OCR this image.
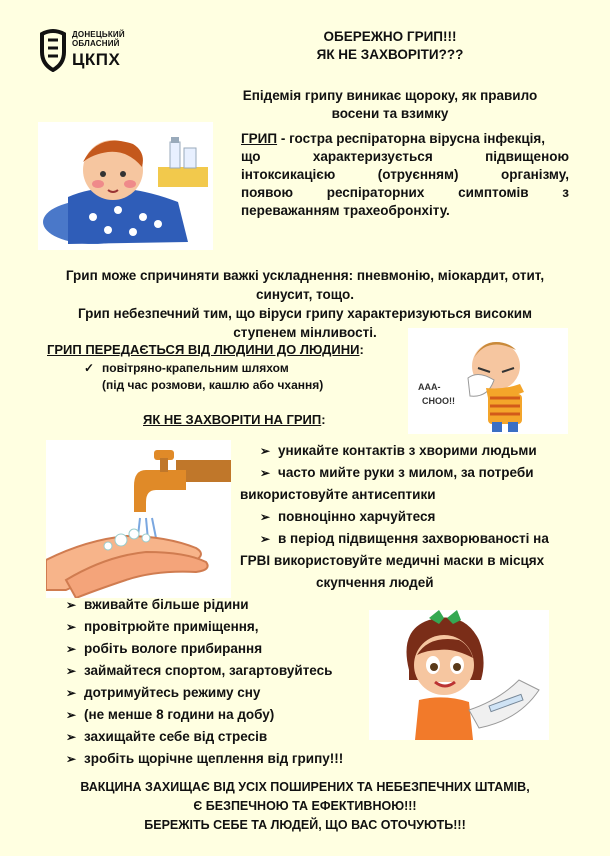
ДОНЕЦЬКИЙ
ОБЛАСНИЙ
ЦКПХ
ОБЕРЕЖНО ГРИП!!!
ЯК НЕ ЗАХВОРІТИ???
Епідемія грипу виникає щороку, як правило
восени та взимку
ГРИП - гостра респіраторна вірусна інфекція,
що характеризується підвищеною
інтоксикацією (отруєнням) організму,
появою респіраторних симптомів з
переважанням трахеобронхіту.
Грип може спричиняти важкі ускладнення: пневмонію, міокардит, отит,
синусит, тощо.
Грип небезпечний тим, що віруси грипу характеризуються високим
ступенем мінливості.
ГРИП ПЕРЕДАЄТЬСЯ ВІД ЛЮДИНИ ДО ЛЮДИНИ:
✓ повітряно-крапельним шляхом
(під час розмови, кашлю або чхання)	ААА-
CHOO!!
ЯК НЕ ЗАХВОРІТИ НА ГРИП:
➢ уникайте контактів з хворими людьми
➢ часто мийте руки з милом, за потреби
використовуйте антисептики
➢ повноцінно харчуйтеся
➢ в період підвищення захворюваності на
ГРВІ використовуйте медичні маски в місцях
скупчення людей
➢ вживайте більше рідини
➢ провітрюйте приміщення,
➢ робіть вологе прибирання
➢ займайтеся спортом, загартовуйтесь
➢ дотримуйтесь режиму сну
➢ (не менше 8 години на добу)
➢ захищайте себе від стресів
➢ зробіть щорічне щеплення від грипу!!!
ВАКЦИНА ЗАХИЩАЄ ВІД УСІХ ПОШИРЕНИХ ТА НЕБЕЗПЕЧНИХ ШТАМІВ,
Є БЕЗПЕЧНОЮ ТА ЕФЕКТИВНОЮ!!!
БЕРЕЖІТЬ СЕБЕ ТА ЛЮДЕЙ, ЩО ВАС ОТОЧУЮТЬ!!!
